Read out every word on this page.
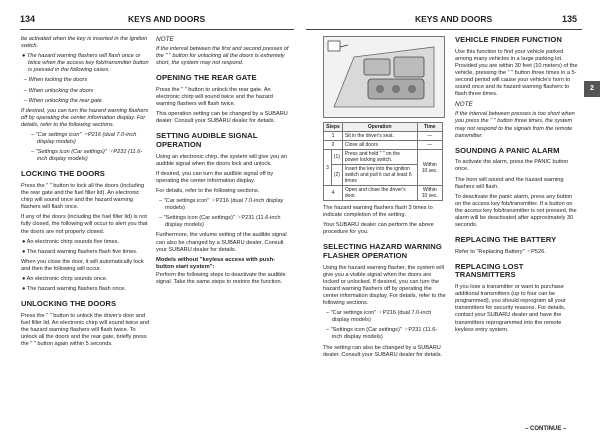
134	KEYS AND DOORS

be activated when the key is inserted in the ignition switch.

● The hazard warning flashers will flash once or twice when the access key fob/transmitter button is pressed in the following cases.

– When locking the doors

– When unlocking the doors

– When unlocking the rear gate

If desired, you can turn the hazard warning flashers off by operating the center information display. For details, refer to the following sections.

– "Car settings icon" ☞P216 (dual 7.0-inch display models)

– "Settings icon (Car settings)" ☞P231 (11.6-inch display models)

LOCKING THE DOORS

Press the " " button to lock all the doors (including the rear gate and the fuel filler lid). An electronic chirp will sound once and the hazard warning flashers will flash once.

If any of the doors (including the fuel filler lid) is not fully closed, the following will occur to alert you that the doors are not properly closed.

● An electronic chirp sounds five times.

● The hazard warning flashers flash five times.

When you close the door, it will automatically lock and then the following will occur.

● An electronic chirp sounds once.

● The hazard warning flashers flash once.

UNLOCKING THE DOORS

Press the " " button to unlock the driver's door and fuel filler lid. An electronic chirp will sound twice and the hazard warning flashers will flash twice. To unlock all the doors and the rear gate, briefly press the " " button again within 5 seconds.

NOTE

If the interval between the first and second presses of the " " button for unlocking all the doors is extremely short, the system may not respond.

OPENING THE REAR GATE

Press the " " button to unlock the rear gate. An electronic chirp will sound twice and the hazard warning flashers will flash twice.

This operation setting can be changed by a SUBARU dealer. Consult your SUBARU dealer for details.

SETTING AUDIBLE SIGNAL OPERATION

Using an electronic chirp, the system will give you an audible signal when the doors lock and unlock.

If desired, you can turn the audible signal off by operating the center information display.

For details, refer to the following sections.

– "Car settings icon" ☞P216 (dual 7.0-inch display models)

– "Settings icon (Car settings)" ☞P231 (11.6-inch display models)

Furthermore, the volume setting of the audible signal can also be changed by a SUBARU dealer. Consult your SUBARU dealer for details.

Models without "keyless access with push-button start system":

Perform the following steps to deactivate the audible signal. Take the same steps to restore the function.

KEYS AND DOORS	135
Steps		Operation	Time
1		Sit in the driver's seat.	—
2		Close all doors	—
3	(1)	Press and hold " " on the power locking switch.	Within 10 sec.
	(2)	Insert the key into the ignition switch and pull it out at least 6 times	
4		Open and close the driver's door.	Within 10 sec.

The hazard warning flashers flash 3 times to indicate completion of the setting.

Your SUBARU dealer can perform the above procedure for you.

SELECTING HAZARD WARNING FLASHER OPERATION

Using the hazard warning flasher, the system will give you a visible signal when the doors are locked or unlocked. If desired, you can turn the hazard warning flashers off by operating the center information display. For details, refer to the following sections.

– "Car settings icon" ☞P216 (dual 7.0-inch display models)

– "Settings icon (Car settings)" ☞P231 (11.6-inch display models)

The setting can also be changed by a SUBARU dealer. Consult your SUBARU dealer for details.

VEHICLE FINDER FUNCTION

Use this function to find your vehicle parked among many vehicles in a large parking lot. Provided you are within 30 feet (10 meters) of the vehicle, pressing the " " button three times in a 5-second period will cause your vehicle's horn to sound once and its hazard warning flashers to flash three times.

NOTE

If the interval between presses is too short when you press the " " button three times, the system may not respond to the signals from the remote transmitter.

SOUNDING A PANIC ALARM

To activate the alarm, press the PANIC button once.

The horn will sound and the hazard warning flashers will flash.

To deactivate the panic alarm, press any button on the access key fob/transmitter. If a button on the access key fob/transmitter is not pressed, the alarm will be deactivated after approximately 30 seconds.

REPLACING THE BATTERY

Refer to "Replacing Battery" ☞P526.

REPLACING LOST TRANSMITTERS

If you lose a transmitter or want to purchase additional transmitters (up to four can be programmed), you should reprogram all your transmitters for security reasons. For details, contact your SUBARU dealer and have the transmitters reprogrammed into the remote keyless entry system.

– CONTINUE –
2
